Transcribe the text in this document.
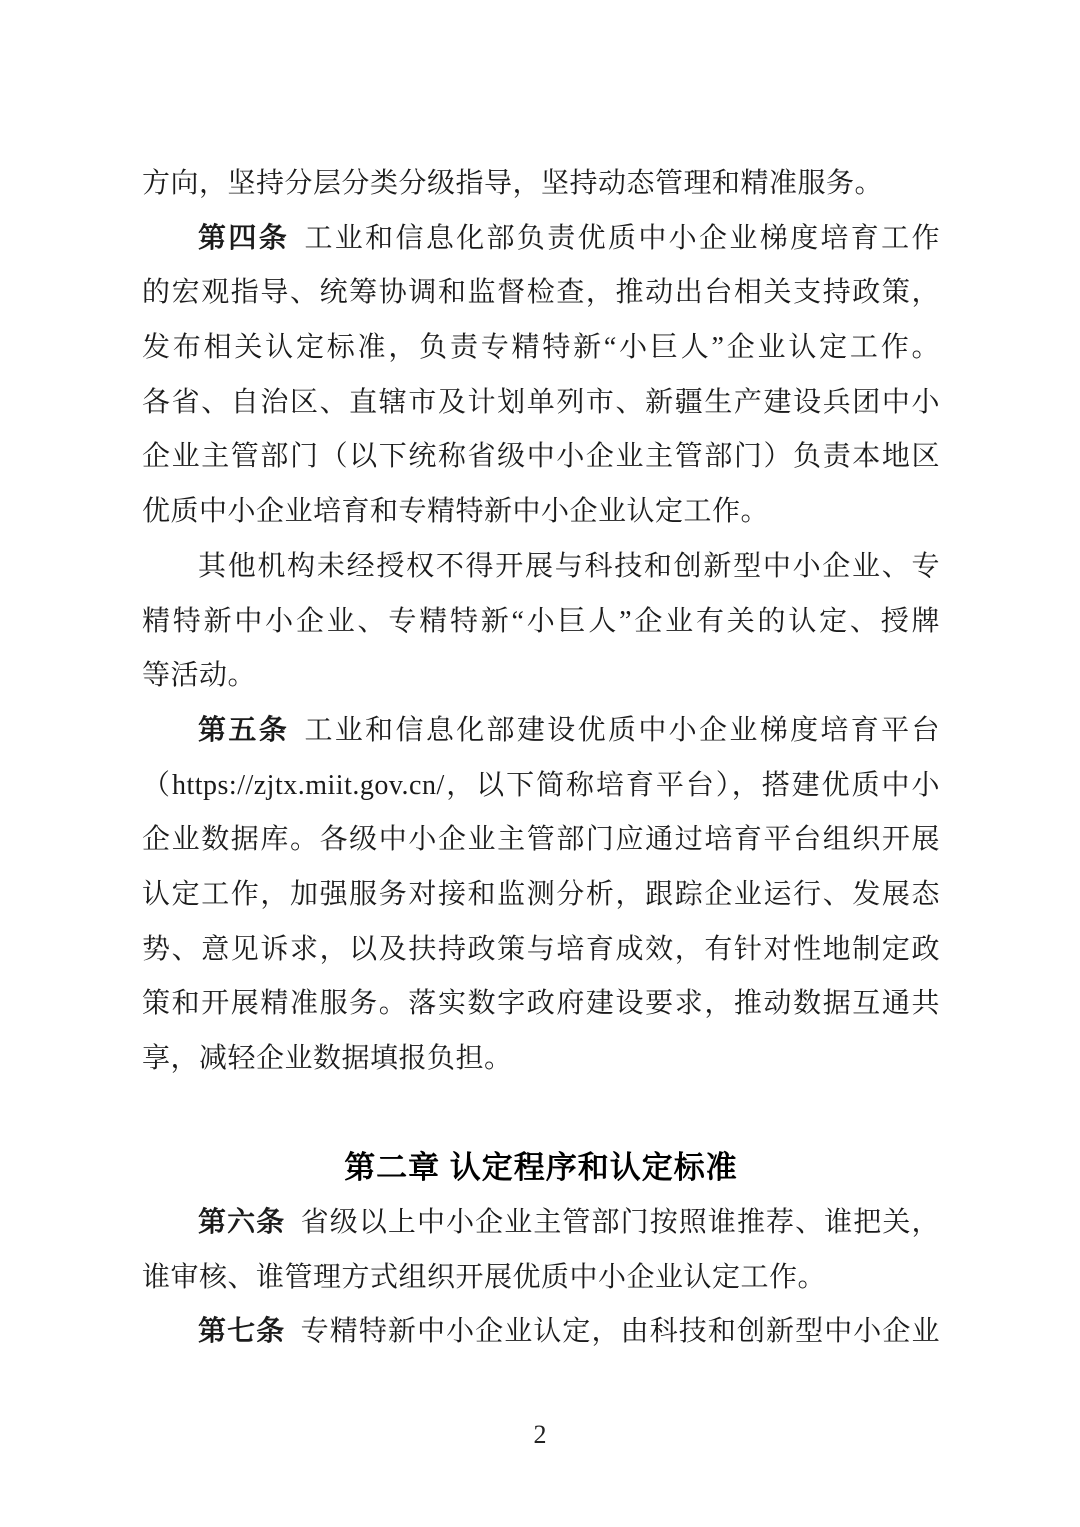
方向，坚持分层分类分级指导，坚持动态管理和精准服务。

第四条 工业和信息化部负责优质中小企业梯度培育工作

的宏观指导、统筹协调和监督检查，推动出台相关支持政策，

发布相关认定标准，负责专精特新“小巨人”企业认定工作。

各省、自治区、直辖市及计划单列市、新疆生产建设兵团中小

企业主管部门（以下统称省级中小企业主管部门）负责本地区

优质中小企业培育和专精特新中小企业认定工作。

其他机构未经授权不得开展与科技和创新型中小企业、专

精特新中小企业、专精特新“小巨人”企业有关的认定、授牌

等活动。

第五条 工业和信息化部建设优质中小企业梯度培育平台

（https://zjtx.miit.gov.cn/，以下简称培育平台），搭建优质中小

企业数据库。各级中小企业主管部门应通过培育平台组织开展

认定工作，加强服务对接和监测分析，跟踪企业运行、发展态

势、意见诉求，以及扶持政策与培育成效，有针对性地制定政

策和开展精准服务。落实数字政府建设要求，推动数据互通共

享，减轻企业数据填报负担。

第二章 认定程序和认定标准

第六条 省级以上中小企业主管部门按照谁推荐、谁把关，

谁审核、谁管理方式组织开展优质中小企业认定工作。

第七条 专精特新中小企业认定，由科技和创新型中小企业

2
